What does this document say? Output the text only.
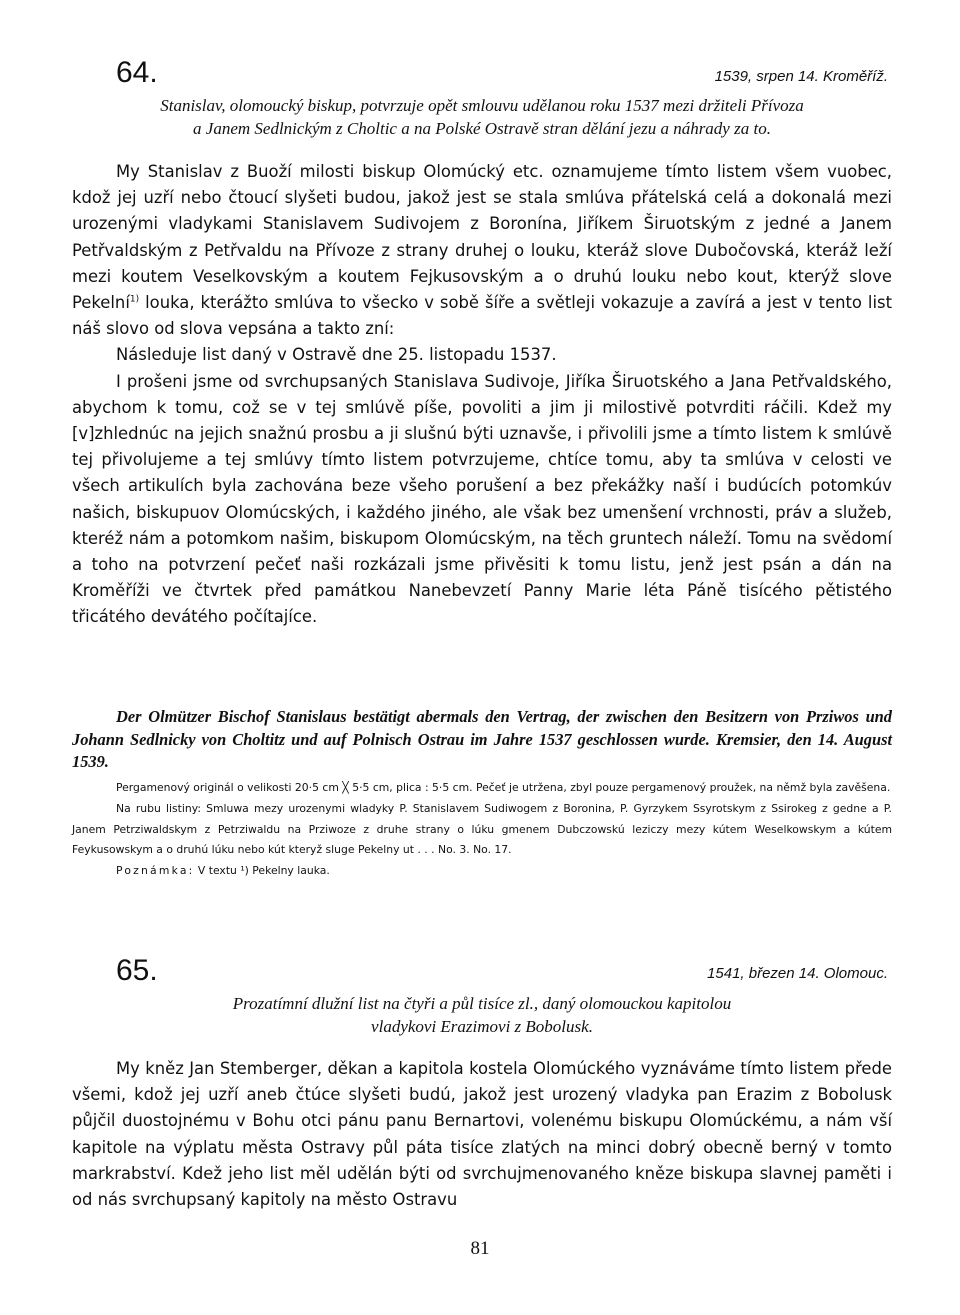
64.	1539, srpen 14. Kroměříž.
Stanislav, olomoucký biskup, potvrzuje opět smlouvu udělanou roku 1537 mezi držiteli Přívoza
a Janem Sedlnickým z Choltic a na Polské Ostravě stran dělání jezu a náhrady za to.

My Stanislav z Buoží milosti biskup Olomúcký etc. oznamujeme tímto listem všem vuobec, kdož jej uzří nebo čtoucí slyšeti budou, jakož jest se stala smlúva přátelská celá a dokonalá mezi urozenými vladykami Stanislavem Sudivojem z Boronína, Jiříkem Širuotským z jedné a Janem Petřvaldským z Petřvaldu na Přívoze z strany druhej o louku, kteráž slove Dubočovská, kteráž leží mezi koutem Veselkovským a koutem Fejkusovským a o druhú louku nebo kout, kterýž slove Pekelní$^{1)}$ louka, kterážto smlúva to všecko v sobě šíře a světleji vokazuje a zavírá a jest v tento list náš slovo od slova vepsána a takto zní:

Následuje list daný v Ostravě dne 25. listopadu 1537.

I prošeni jsme od svrchupsaných Stanislava Sudivoje, Jiříka Širuotského a Jana Petřvaldského, abychom k tomu, což se v tej smlúvě píše, povoliti a jim ji milostivě potvrditi ráčili. Kdež my [v]zhlednúc na jejich snažnú prosbu a ji slušnú býti uznavše, i přivolili jsme a tímto listem k smlúvě tej přivolujeme a tej smlúvy tímto listem potvrzujeme, chtíce tomu, aby ta smlúva v celosti ve všech artikulích byla zachována beze všeho porušení a bez překážky naší i budúcích potomkúv našich, biskupuov Olomúcských, i každého jiného, ale však bez umenšení vrchnosti, práv a služeb, kteréž nám a potomkom našim, biskupom Olomúcským, na těch gruntech náleží. Tomu na svědomí a toho na potvrzení pečeť naši rozkázali jsme přivěsiti k tomu listu, jenž jest psán a dán na Kroměříži ve čtvrtek před památkou Nanebevzetí Panny Marie léta Páně tisícého pětistého třicátého devátého počítajíce.

Der Olmützer Bischof Stanislaus bestätigt abermals den Vertrag, der zwischen den Besitzern von Prziwos und Johann Sedlnicky von Choltitz und auf Polnisch Ostrau im Jahre 1537 geschlossen wurde. Kremsier, den 14. August 1539.

Pergamenový originál o velikosti 20·5 cm ╳ 5·5 cm, plica : 5·5 cm. Pečeť je utržena, zbyl pouze pergamenový proužek, na němž byla zavěšena.

Na rubu listiny: Smluwa mezy urozenymi wladyky P. Stanislavem Sudiwogem z Boronina, P. Gyrzykem Ssyrotskym z Ssirokeg z gedne a P. Janem Petrziwaldskym z Petrziwaldu na Przіwoze z druhe strany o lúku gmenem Dubczowskú leziczy mezy kútem Weselkowskym a kútem Feykusowskym a o druhú lúku nebo kút kteryž sluge Pekelny ut . . . No. 3. No. 17.

Poznámka: V textu ¹) Pekelny lauka.

65.	1541, březen 14. Olomouc.
Prozatímní dlužní list na čtyři a půl tisíce zl., daný olomouckou kapitolou
vladykovi Erazimovi z Bobolusk.

My kněz Jan Stemberger, děkan a kapitola kostela Olomúckého vyznáváme tímto listem předе všemi, kdož jej uzří aneb čtúce slyšeti budú, jakož jest urozený vladyka pan Erazim z Bobolusk půjčil duostojnému v Bohu otci pánu panu Bernartovi, volenému biskupu Olomúckému, a nám vší kapitole na výplatu města Ostravy půl páta tisíce zlatých na minci dobrý obecně berný v tomto markrabství. Kdež jeho list měl udělán býti od svrchujmenovaného kněze biskupa slavnej paměti i od nás svrchupsaný kapitoly na město Ostravu

81
